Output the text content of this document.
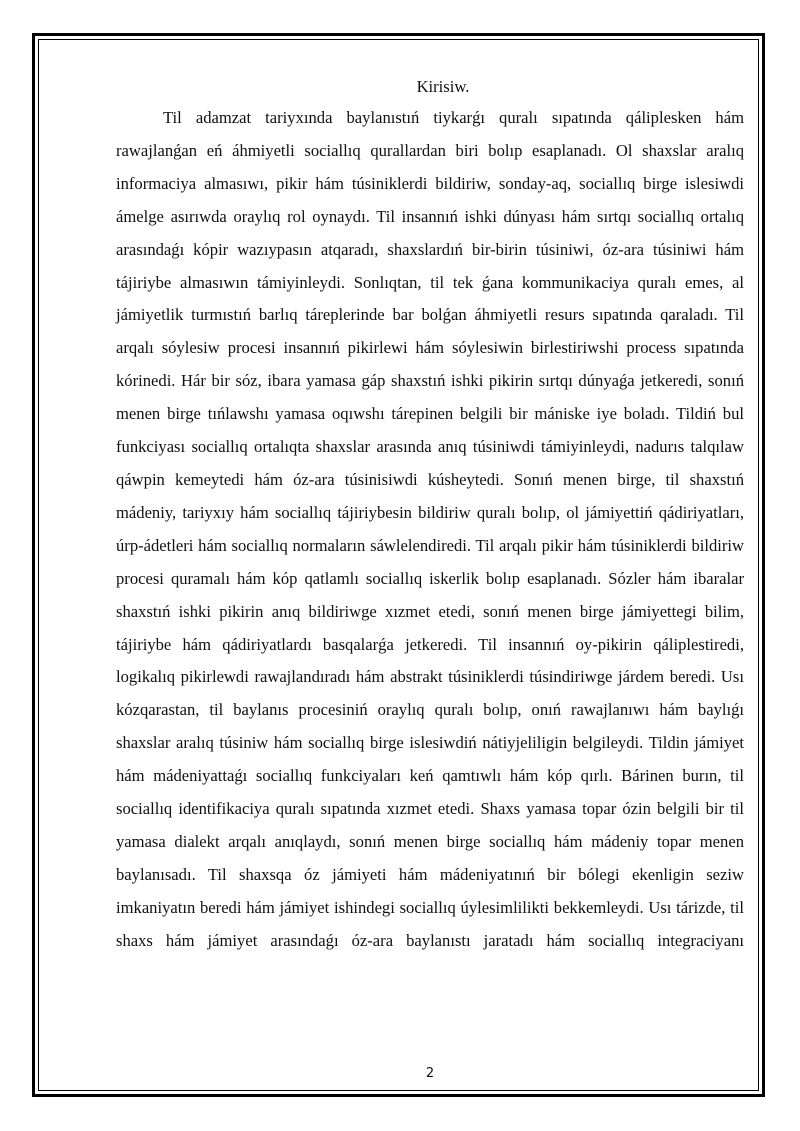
Kirisiw.

Til adamzat tariyxında baylanıstıń tiykarǵı quralı sıpatında qáliplesken hám rawajlanǵan eń áhmiyetli sociallıq qurallardan biri bolıp esaplanadı. Ol shaxslar aralıq informaciya almasıwı, pikir hám túsiniklerdi bildiriw, sonday-aq, sociallıq birge islesiwdi ámelge asırıwda oraylıq rol oynaydı. Til insannıń ishki dúnyası hám sırtqı sociallıq ortalıq arasındaǵı kópir wazıypasın atqaradı, shaxslardıń bir-birin túsiniwi, óz-ara túsiniwi hám tájiriybe almasıwın támiyinleydi. Sonlıqtan, til tek ǵana kommunikaciya quralı emes, al jámiyetlik turmıstıń barlıq táreplerinde bar bolǵan áhmiyetli resurs sıpatında qaraladı. Til arqalı sóylesiw procesi insannıń pikirlewi hám sóylesiwin birlestiriwshi process sıpatında kórinedi. Hár bir sóz, ibara yamasa gáp shaxstıń ishki pikirin sırtqı dúnyaǵa jetkeredi, sonıń menen birge tıńlawshı yamasa oqıwshı tárepinen belgili bir mániske iye boladı. Tildiń bul funkciyası sociallıq ortalıqta shaxslar arasında anıq túsiniwdi támiyinleydi, nadurıs talqılaw qáwpin kemeytedi hám óz-ara túsinisiwdi kúsheytedi. Sonıń menen birge, til shaxstıń mádeniy, tariyxıy hám sociallıq tájiriybesin bildiriw quralı bolıp, ol jámiyettiń qádiriyatları, úrp-ádetleri hám sociallıq normaların sáwlelendiredi. Til arqalı pikir hám túsiniklerdi bildiriw procesi quramalı hám kóp qatlamlı sociallıq iskerlik bolıp esaplanadı. Sózler hám ibaralar shaxstıń ishki pikirin anıq bildiriwge xızmet etedi, sonıń menen birge jámiyettegi bilim, tájiriybe hám qádiriyatlardı basqalarǵa jetkeredi. Til insannıń oy-pikirin qáliplestiredi, logikalıq pikirlewdi rawajlandıradı hám abstrakt túsiniklerdi túsindiriwge járdem beredi. Usı kózqarastan, til baylanıs procesiniń oraylıq quralı bolıp, onıń rawajlanıwı hám baylıǵı shaxslar aralıq túsiniw hám sociallıq birge islesiwdiń nátiyjeliligin belgileydi. Tildin jámiyet hám mádeniyattaǵı sociallıq funkciyaları keń qamtıwlı hám kóp qırlı. Bárinen burın, til sociallıq identifikaciya quralı sıpatında xızmet etedi. Shaxs yamasa topar ózin belgili bir til yamasa dialekt arqalı anıqlaydı, sonıń menen birge sociallıq hám mádeniy topar menen baylanısadı. Til shaxsqa óz jámiyeti hám mádeniyatınıń bir bólegi ekenligin seziw imkaniyatın beredi hám jámiyet ishindegi sociallıq úylesimlilikti bekkemleydi. Usı tárizde, til shaxs hám jámiyet arasındaǵı óz-ara baylanıstı jaratadı hám sociallıq integraciyanı

2
